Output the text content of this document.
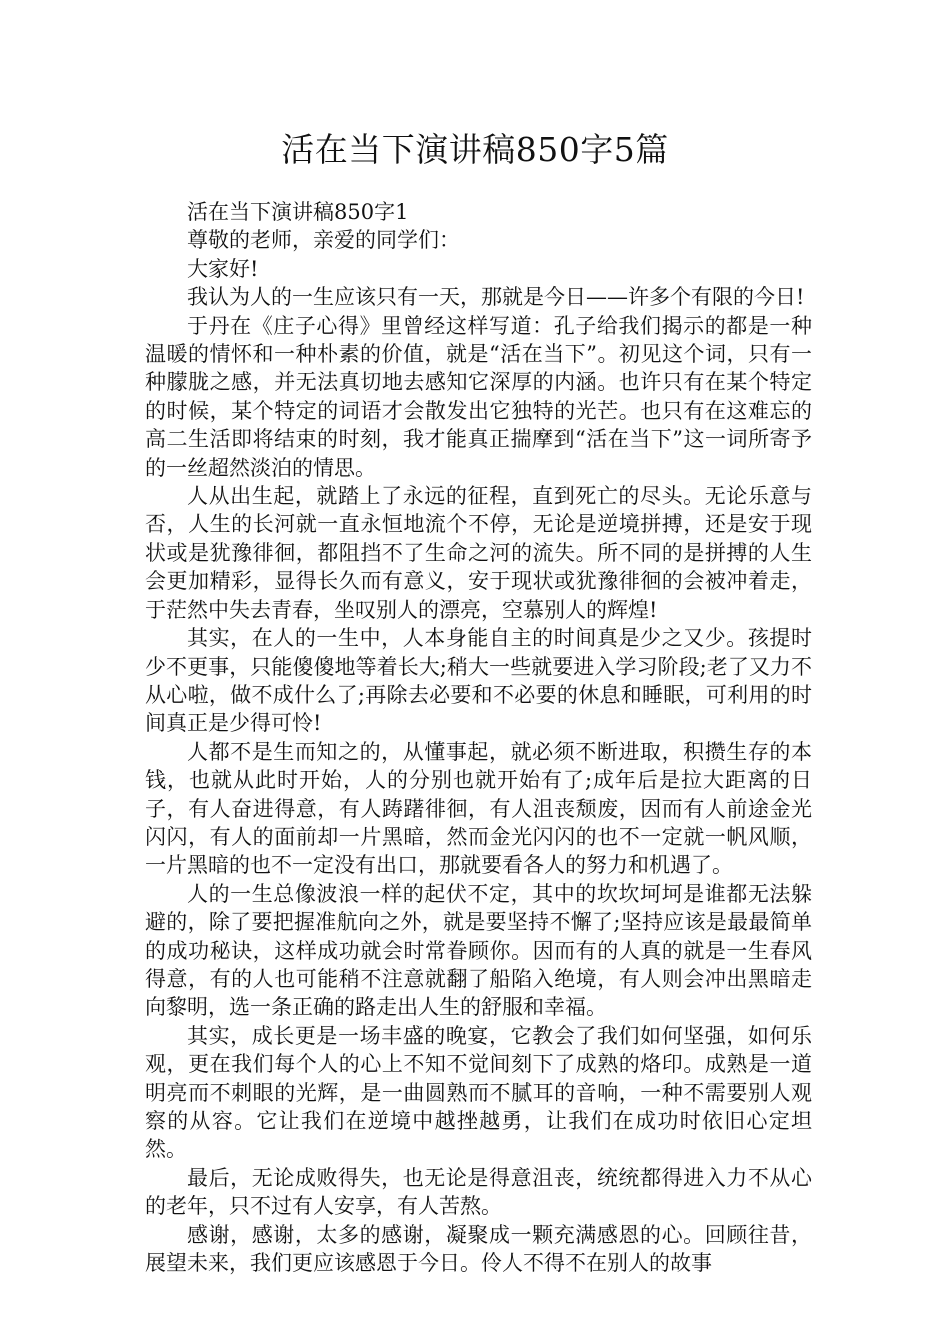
活在当下演讲稿850字5篇

活在当下演讲稿850字1

尊敬的老师，亲爱的同学们：

大家好!

我认为人的一生应该只有一天，那就是今日——许多个有限的今日!

于丹在《庄子心得》里曾经这样写道：孔子给我们揭示的都是一种温暖的情怀和一种朴素的价值，就是“活在当下”。初见这个词，只有一种朦胧之感，并无法真切地去感知它深厚的内涵。也许只有在某个特定的时候，某个特定的词语才会散发出它独特的光芒。也只有在这难忘的高二生活即将结束的时刻，我才能真正揣摩到“活在当下”这一词所寄予的一丝超然淡泊的情思。

人从出生起，就踏上了永远的征程，直到死亡的尽头。无论乐意与否，人生的长河就一直永恒地流个不停，无论是逆境拼搏，还是安于现状或是犹豫徘徊，都阻挡不了生命之河的流失。所不同的是拼搏的人生会更加精彩，显得长久而有意义，安于现状或犹豫徘徊的会被冲着走，于茫然中失去青春，坐叹别人的漂亮，空慕别人的辉煌!

其实，在人的一生中，人本身能自主的时间真是少之又少。孩提时少不更事，只能傻傻地等着长大;稍大一些就要进入学习阶段;老了又力不从心啦，做不成什么了;再除去必要和不必要的休息和睡眠，可利用的时间真正是少得可怜!

人都不是生而知之的，从懂事起，就必须不断进取，积攒生存的本钱，也就从此时开始，人的分别也就开始有了;成年后是拉大距离的日子，有人奋进得意，有人踌躇徘徊，有人沮丧颓废，因而有人前途金光闪闪，有人的面前却一片黑暗，然而金光闪闪的也不一定就一帆风顺，一片黑暗的也不一定没有出口，那就要看各人的努力和机遇了。

人的一生总像波浪一样的起伏不定，其中的坎坎坷坷是谁都无法躲避的，除了要把握准航向之外，就是要坚持不懈了;坚持应该是最最简单的成功秘诀，这样成功就会时常眷顾你。因而有的人真的就是一生春风得意，有的人也可能稍不注意就翻了船陷入绝境，有人则会冲出黑暗走向黎明，选一条正确的路走出人生的舒服和幸福。

其实，成长更是一场丰盛的晚宴，它教会了我们如何坚强，如何乐观，更在我们每个人的心上不知不觉间刻下了成熟的烙印。成熟是一道明亮而不刺眼的光辉，是一曲圆熟而不腻耳的音响，一种不需要别人观察的从容。它让我们在逆境中越挫越勇，让我们在成功时依旧心定坦然。

最后，无论成败得失，也无论是得意沮丧，统统都得进入力不从心的老年，只不过有人安享，有人苦熬。

感谢，感谢，太多的感谢，凝聚成一颗充满感恩的心。回顾往昔，展望未来，我们更应该感恩于今日。伶人不得不在别人的故事
